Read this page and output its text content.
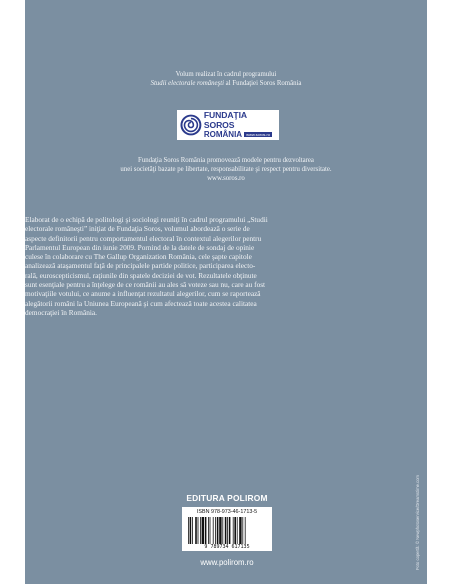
Volum realizat în cadrul programului
Studii electorale româneşti al Fundaţiei Soros România
FUNDAŢIA SOROS
ROMÂNIA www.soros.ro
Fundaţia Soros România promovează modele pentru dezvoltarea
unei societăţi bazate pe libertate, responsabilitate şi respect pentru diversitate.
www.soros.ro
Elaborat de o echipă de politologi şi sociologi reuniţi în cadrul programului „Studii
electorale româneşti” iniţiat de Fundaţia Soros, volumul abordează o serie de
aspecte definitorii pentru comportamentul electoral în contextul alegerilor pentru
Parlamentul European din iunie 2009. Pornind de la datele de sondaj de opinie
culese în colaborare cu The Gallup Organization România, cele şapte capitole
analizează ataşamentul faţă de principalele partide politice, participarea electo-
rală, euroscepticismul, raţiunile din spatele deciziei de vot. Rezultatele obţinute
sunt esenţiale pentru a înţelege de ce românii au ales să voteze sau nu, care au fost
motivaţiile votului, ce anume a influenţat rezultatul alegerilor, cum se raportează
alegătorii români la Uniunea Europeană şi cum afectează toate acestea calitatea
democraţiei în România.
Foto copertă: © Newphotoservice/Dreamstime.com
EDITURA POLIROM
ISBN 978-973-46-1713-5
9 789734 617135
www.polirom.ro
